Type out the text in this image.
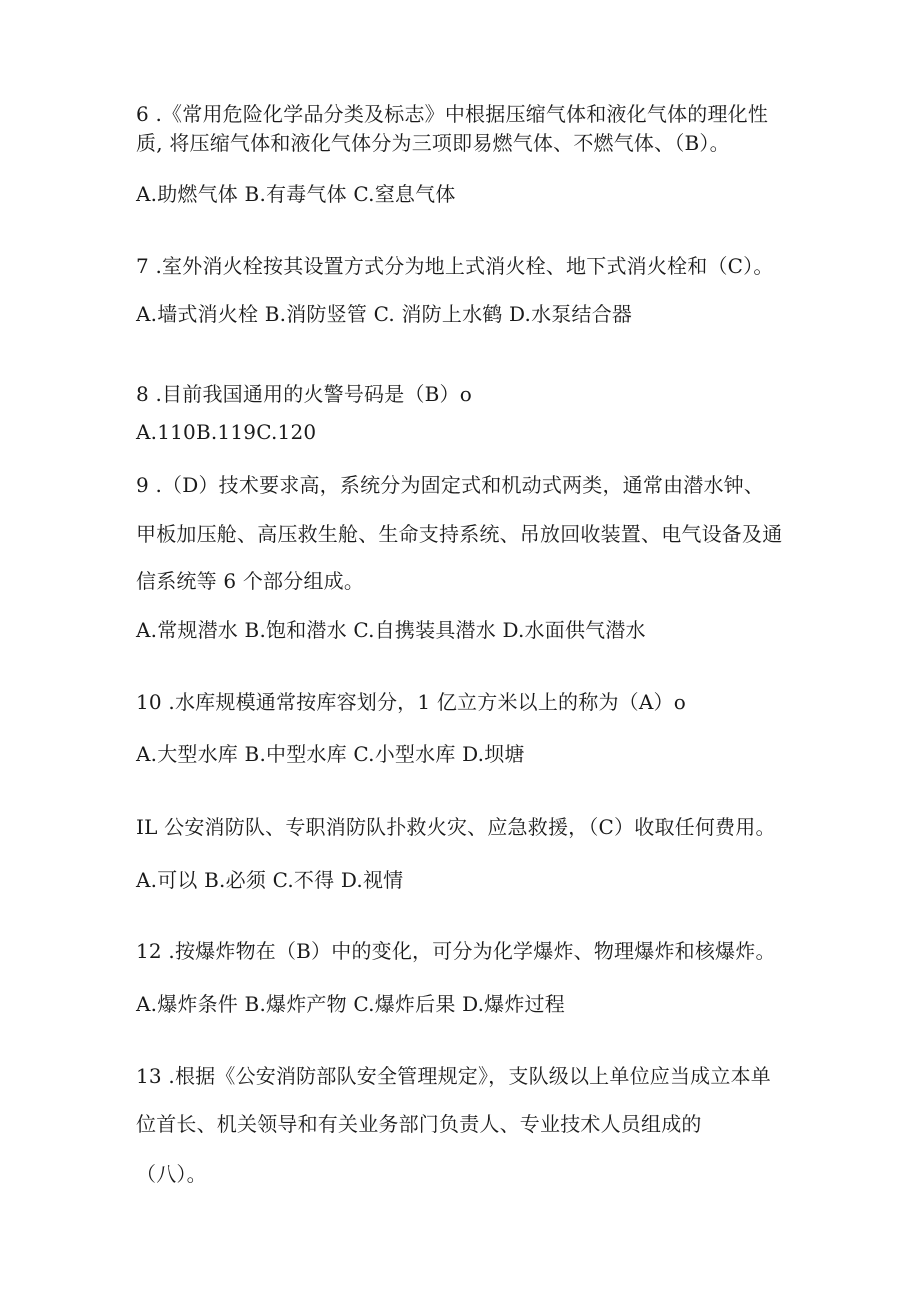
6 .《常用危险化学品分类及标志》中根据压缩气体和液化气体的理化性
质, 将压缩气体和液化气体分为三项即易燃气体、不燃气体、（B）。
A.助燃气体 B.有毒气体 C.窒息气体
7 .室外消火栓按其设置方式分为地上式消火栓、地下式消火栓和（C）。
A.墙式消火栓 B.消防竖管 C. 消防上水鹤 D.水泵结合器
8 .目前我国通用的火警号码是（B）o
A.110B.119C.120
9 .（D）技术要求高，系统分为固定式和机动式两类，通常由潜水钟、
甲板加压舱、高压救生舱、生命支持系统、吊放回收装置、电气设备及通
信系统等 6 个部分组成。
A.常规潜水 B.饱和潜水 C.自携装具潜水 D.水面供气潜水
10 .水库规模通常按库容划分，1 亿立方米以上的称为（A）o
A.大型水库 B.中型水库 C.小型水库 D.坝塘
IL 公安消防队、专职消防队扑救火灾、应急救援，（C）收取任何费用。
A.可以 B.必须 C.不得 D.视情
12 .按爆炸物在（B）中的变化，可分为化学爆炸、物理爆炸和核爆炸。
A.爆炸条件 B.爆炸产物 C.爆炸后果 D.爆炸过程
13 .根据《公安消防部队安全管理规定》，支队级以上单位应当成立本单
位首长、机关领导和有关业务部门负责人、专业技术人员组成的
（八）。
